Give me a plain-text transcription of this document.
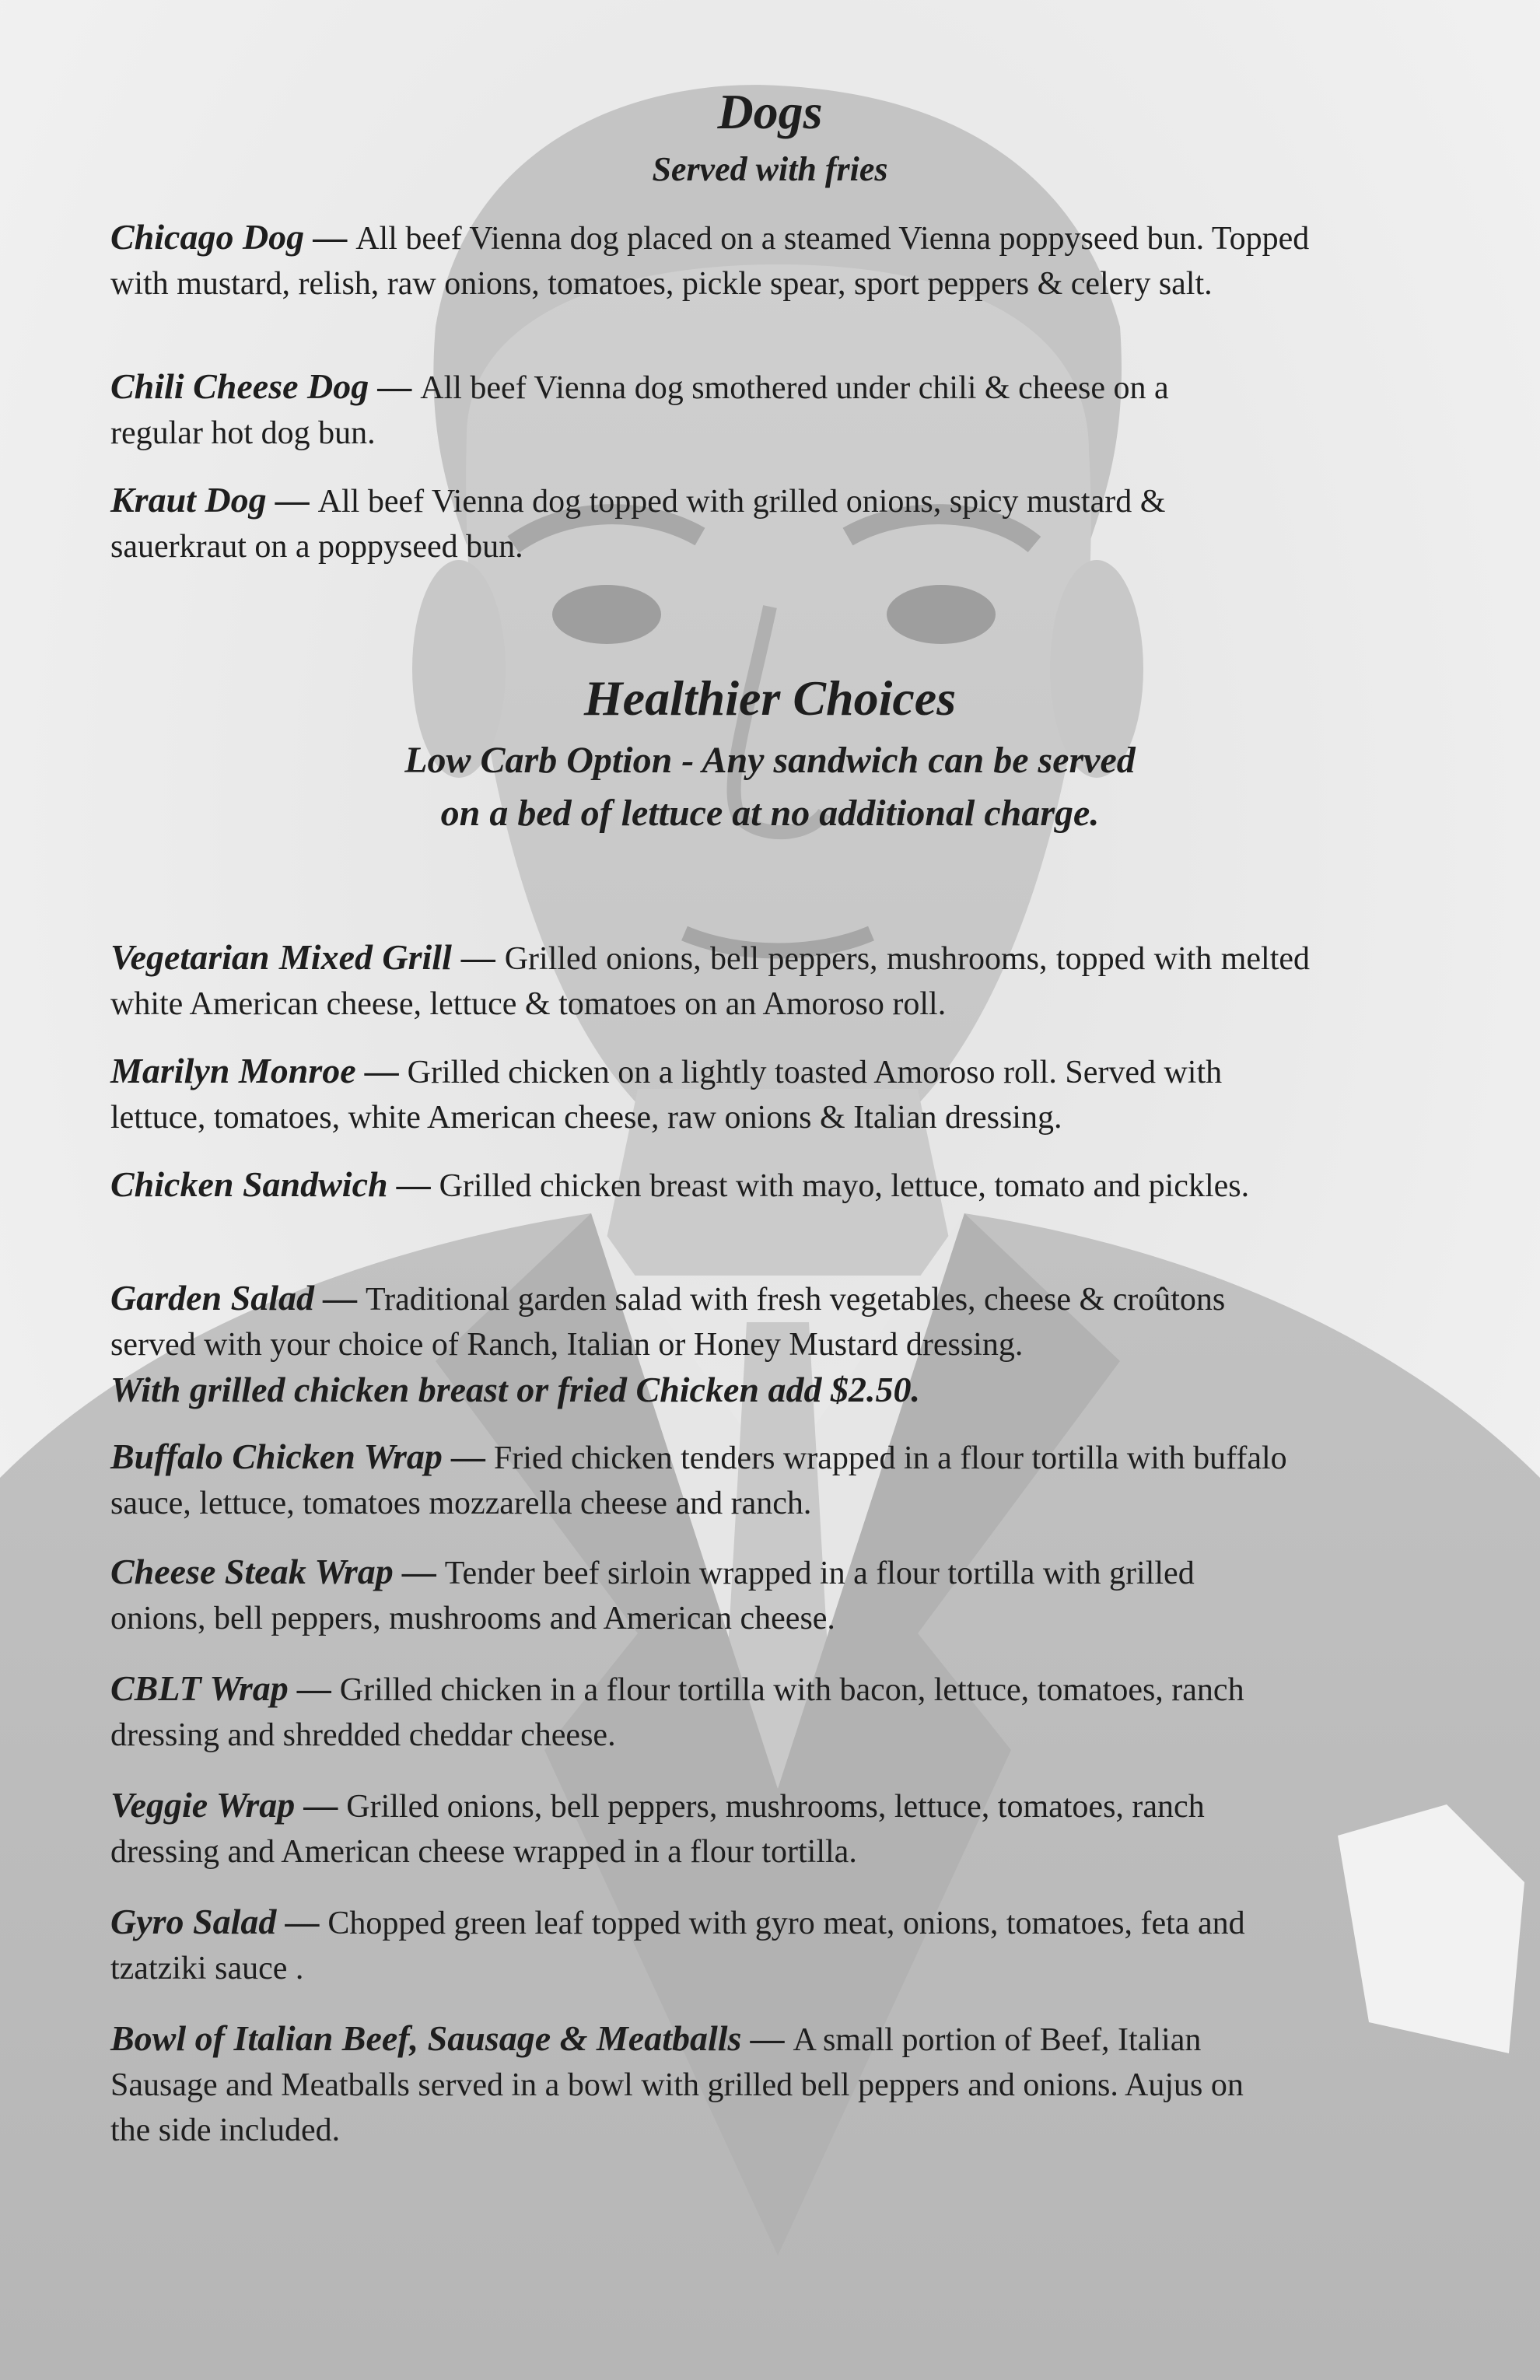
Dogs

Served with fries

Chicago Dog — All beef Vienna dog placed on a steamed Vienna poppyseed bun. Topped with mustard, relish, raw onions, tomatoes, pickle spear, sport peppers & celery salt.

Chili Cheese Dog — All beef Vienna dog smothered under chili & cheese on a regular hot dog bun.

Kraut Dog — All beef Vienna dog topped with grilled onions, spicy mustard & sauerkraut on a poppyseed bun.

Healthier Choices

Low Carb Option - Any sandwich can be served

on a bed of lettuce at no additional charge.

Vegetarian Mixed Grill — Grilled onions, bell peppers, mushrooms, topped with melted white American cheese, lettuce & tomatoes on an Amoroso roll.

Marilyn Monroe — Grilled chicken on a lightly toasted Amoroso roll. Served with lettuce, tomatoes, white American cheese, raw onions & Italian dressing.

Chicken Sandwich — Grilled chicken breast with mayo, lettuce, tomato and pickles.

Garden Salad — Traditional garden salad with fresh vegetables, cheese & croûtons served with your choice of Ranch, Italian or Honey Mustard dressing.
With grilled chicken breast or fried Chicken add $2.50.

Buffalo Chicken Wrap — Fried chicken tenders wrapped in a flour tortilla with buffalo sauce, lettuce, tomatoes mozzarella cheese and ranch.

Cheese Steak Wrap — Tender beef sirloin wrapped in a flour tortilla with grilled onions, bell peppers, mushrooms and American cheese.

CBLT Wrap — Grilled chicken in a flour tortilla with bacon, lettuce, tomatoes, ranch dressing and shredded cheddar cheese.

Veggie Wrap — Grilled onions, bell peppers, mushrooms, lettuce, tomatoes, ranch dressing and American cheese wrapped in a flour tortilla.

Gyro Salad — Chopped green leaf topped with gyro meat, onions, tomatoes, feta and tzatziki sauce .

Bowl of Italian Beef, Sausage & Meatballs — A small portion of Beef, Italian Sausage and Meatballs served in a bowl with grilled bell peppers and onions. Aujus on the side included.
